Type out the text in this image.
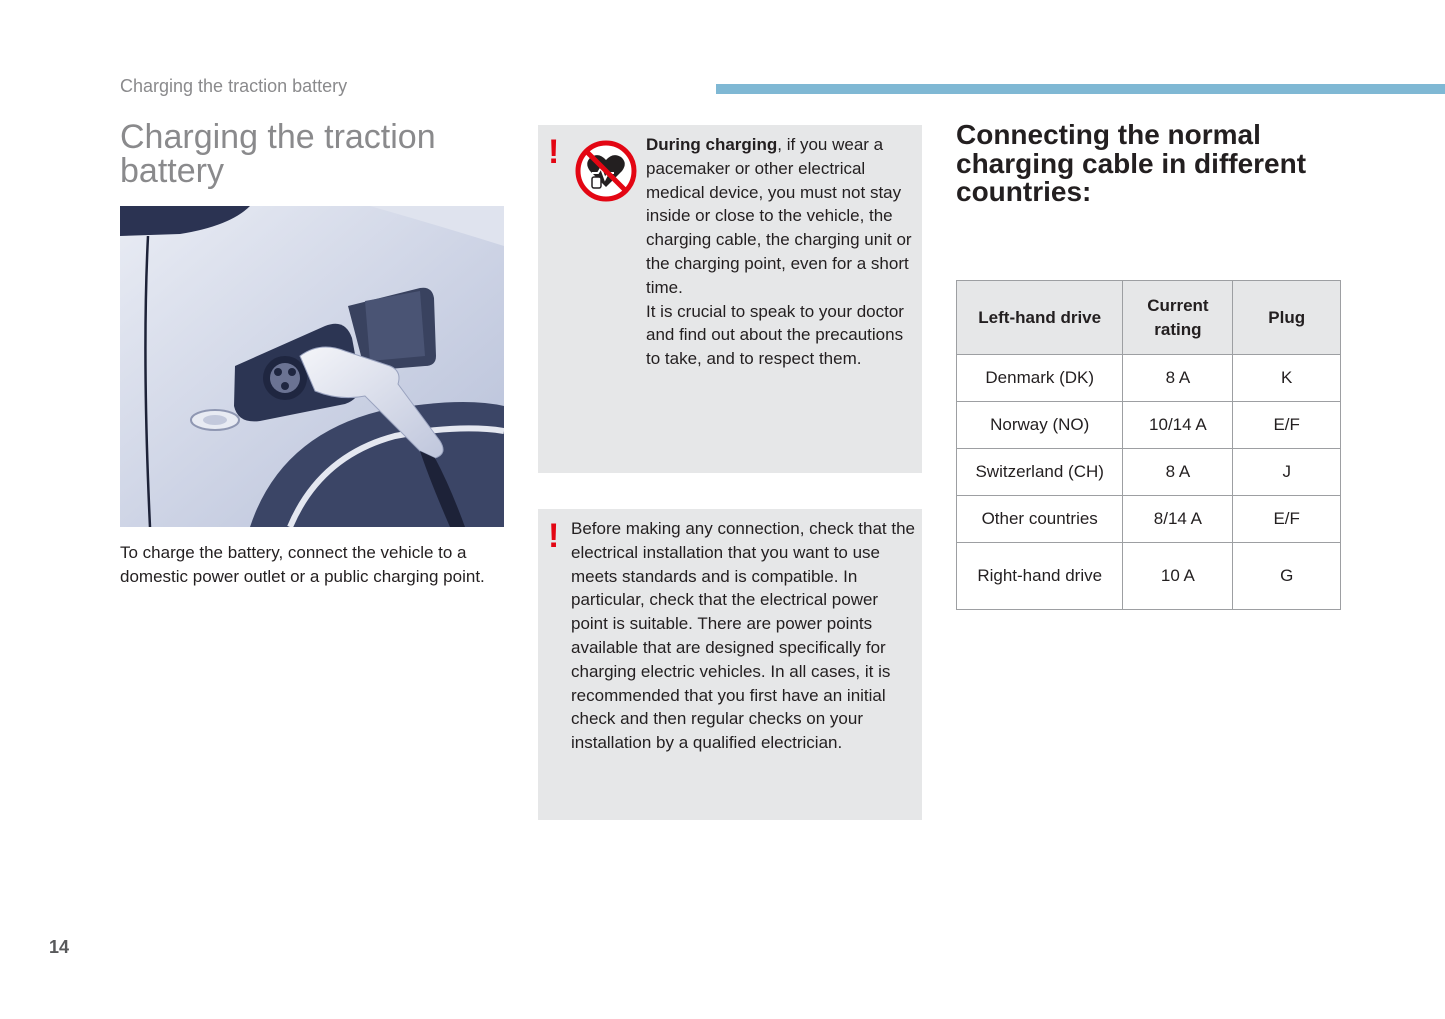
Charging the traction battery
Charging the traction battery

To charge the battery, connect the vehicle to a domestic power outlet or a public charging point.

!	During charging, if you wear a pacemaker or other electrical medical device, you must not stay inside or close to the vehicle, the charging cable, the charging unit or the charging point, even for a short time.
It is crucial to speak to your doctor and find out about the precautions to take, and to respect them.

! Before making any connection, check that the electrical installation that you want to use meets standards and is compatible. In particular, check that the electrical power point is suitable. There are power points available that are designed specifically for charging electric vehicles. In all cases, it is recommended that you first have an initial check and then regular checks on your installation by a qualified electrician.

Connecting the normal charging cable in different countries:
Left-hand drive	Current rating	Plug
Denmark (DK)	8 A	K
Norway (NO)	10/14 A	E/F
Switzerland (CH)	8 A	J
Other countries	8/14 A	E/F
Right-hand drive	10 A	G
14
